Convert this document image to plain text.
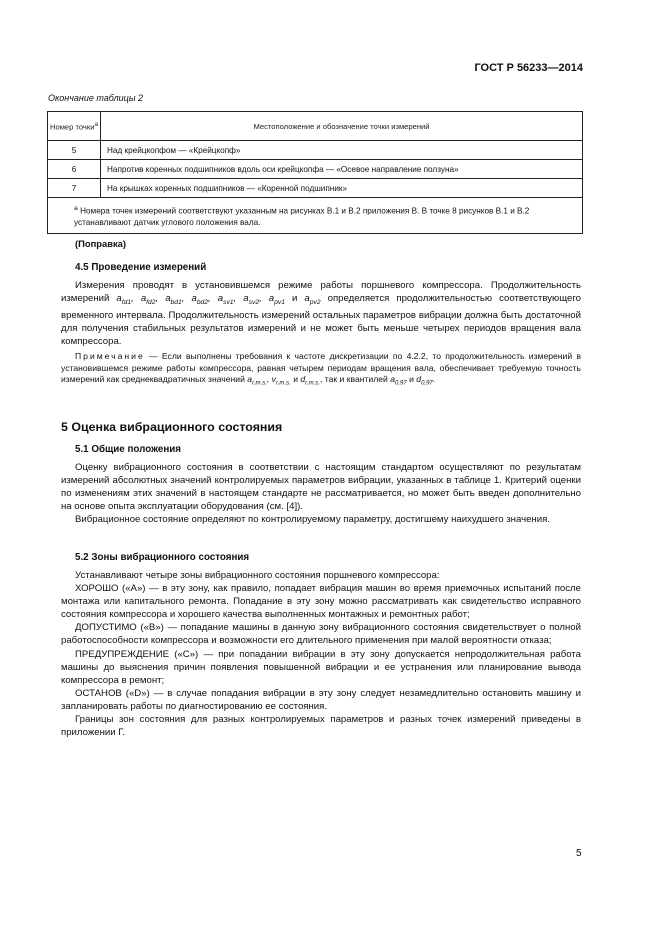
ГОСТ Р 56233—2014
Окончание таблицы 2
Номер точки$^a$	Местоположение и обозначение точки измерений
5	Над крейцкопфом — «Крейцкопф»
6	Напротив коренных подшипников вдоль оси крейцкопфа — «Осевое направление ползуна»
7	На крышках коренных подшипников — «Коренной подшипник»
$^a$ Номера точек измерений соответствуют указанным на рисунках В.1 и В.2 приложения В. В точке 8 рисунков В.1 и В.2 устанавливают датчик углового положения вала.	
(Поправка)
4.5 Проведение измерений

Измерения проводят в установившемся режиме работы поршневого компрессора. Продолжительность измерений $a_{fd1}$, $a_{fd2}$, $a_{bd1}$, $a_{bd2}$, $a_{sv1}$, $a_{sv2}$, $a_{pv1}$ и $a_{pv2}$ определяется продолжительностью соответствующего временного интервала. Продолжительность измерений остальных параметров вибрации должна быть достаточной для получения стабильных результатов измерений и не может быть меньше четырех периодов вращения вала компрессора.

Примечание — Если выполнены требования к частоте дискретизации по 4.2.2, то продолжительность измерений в установившемся режиме работы компрессора, равная четырем периодам вращения вала, обеспечивает требуемую точность измерений как среднеквадратичных значений $a_{r.m.s.}$, $v_{r.m.s.}$ и $d_{r.m.s.}$, так и квантилей $a_{0,97}$ и $d_{0,97}$.

5 Оценка вибрационного состояния
5.1 Общие положения

Оценку вибрационного состояния в соответствии с настоящим стандартом осуществляют по результатам измерений абсолютных значений контролируемых параметров вибрации, указанных в таблице 1. Критерий оценки по изменениям этих значений в настоящем стандарте не рассматривается, но может быть введен дополнительно на основе опыта эксплуатации оборудования (см. [4]).

Вибрационное состояние определяют по контролируемому параметру, достигшему наихудшего значения.

5.2 Зоны вибрационного состояния

Устанавливают четыре зоны вибрационного состояния поршневого компрессора:

ХОРОШО («А») — в эту зону, как правило, попадает вибрация машин во время приемочных испытаний после монтажа или капитального ремонта. Попадание в эту зону можно рассматривать как свидетельство исправного состояния компрессора и хорошего качества выполненных монтажных и ремонтных работ;

ДОПУСТИМО («В») — попадание машины в данную зону вибрационного состояния свидетельствует о полной работоспособности компрессора и возможности его длительного применения при малой вероятности отказа;

ПРЕДУПРЕЖДЕНИЕ («С») — при попадании вибрации в эту зону допускается непродолжительная работа машины до выяснения причин появления повышенной вибрации и ее устранения или планирование вывода компрессора в ремонт;

ОСТАНОВ («D») — в случае попадания вибрации в эту зону следует незамедлительно остановить машину и запланировать работы по диагностированию ее состояния.

Границы зон состояния для разных контролируемых параметров и разных точек измерений приведены в приложении Г.

5
